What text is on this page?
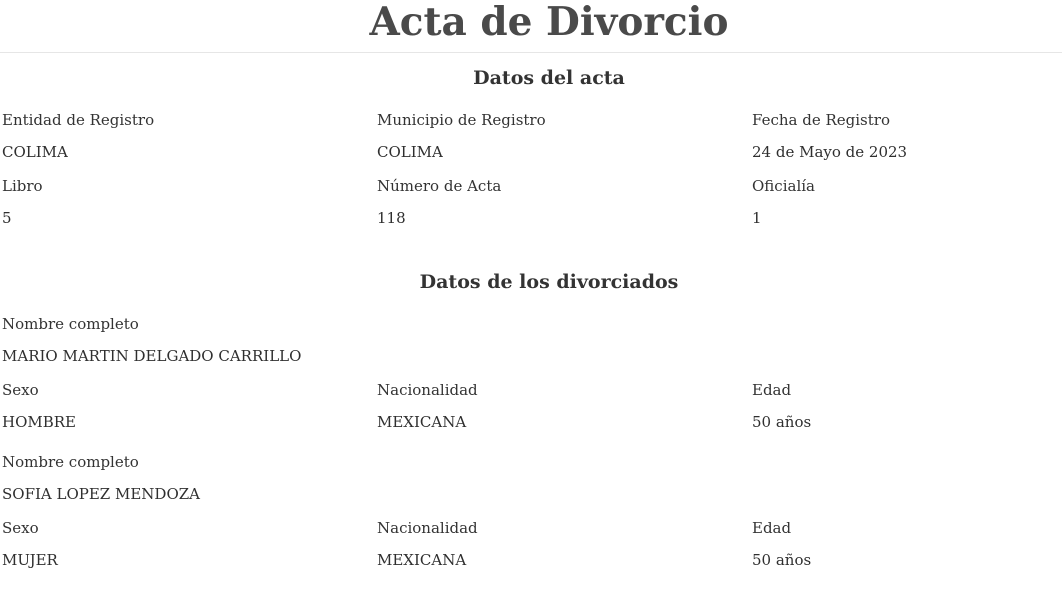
Acta de Divorcio
Datos del acta
Entidad de Registro	Municipio de Registro	Fecha de Registro
COLIMA	COLIMA	24 de Mayo de 2023
Libro	Número de Acta	Oficialía
5	118	1
Datos de los divorciados
Nombre completo
MARIO MARTIN DELGADO CARRILLO
Sexo	Nacionalidad	Edad
HOMBRE	MEXICANA	50 años
Nombre completo
SOFIA LOPEZ MENDOZA
Sexo	Nacionalidad	Edad
MUJER	MEXICANA	50 años
